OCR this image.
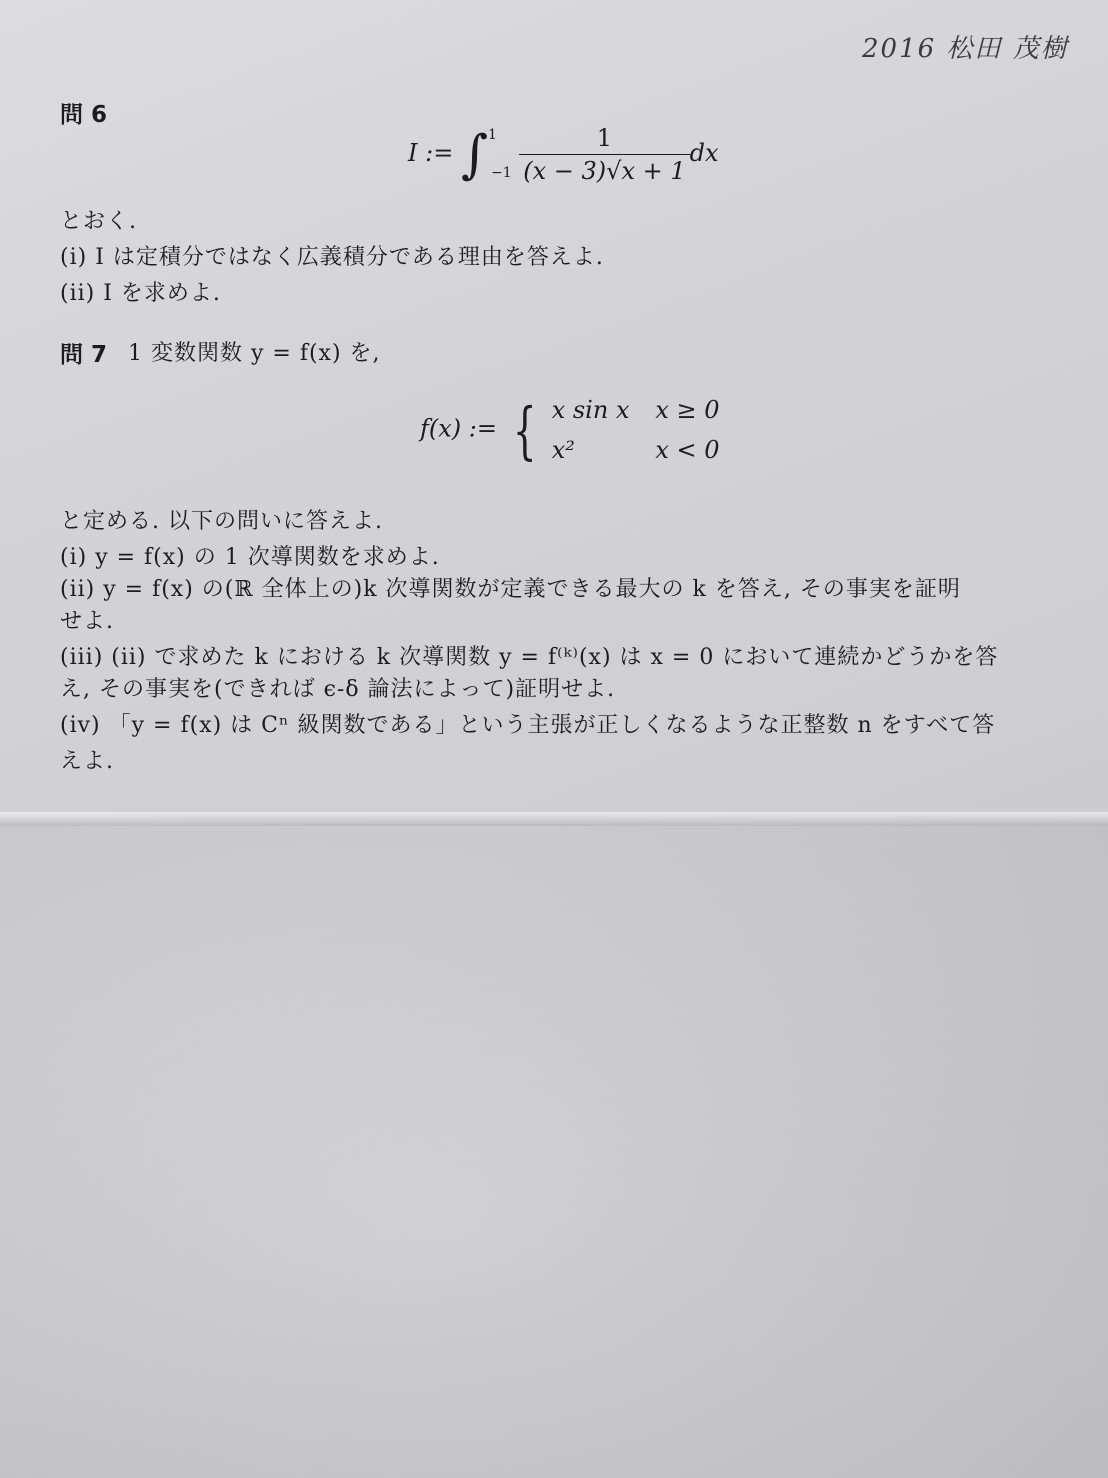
2016 松田 茂樹
問 6
I := $\int^1_{-1} \frac{1}{(x - 3)√x + 1}$ dx
とおく.
(i) I は定積分ではなく広義積分である理由を答えよ.
(ii) I を求めよ.
問 7 1 変数関数 y = f(x) を,
f(x) := { x sin x x ≥ 0
x²	x < 0
と定める. 以下の問いに答えよ.
(i) y = f(x) の 1 次導関数を求めよ.
(ii) y = f(x) の(ℝ 全体上の)k 次導関数が定義できる最大の k を答え, その事実を証明
せよ.
(iii) (ii) で求めた k における k 次導関数 y = f⁽ᵏ⁾(x) は x = 0 において連続かどうかを答
え, その事実を(できれば ϵ-δ 論法によって)証明せよ.
(iv) 「y = f(x) は Cⁿ 級関数である」という主張が正しくなるような正整数 n をすべて答
えよ.
